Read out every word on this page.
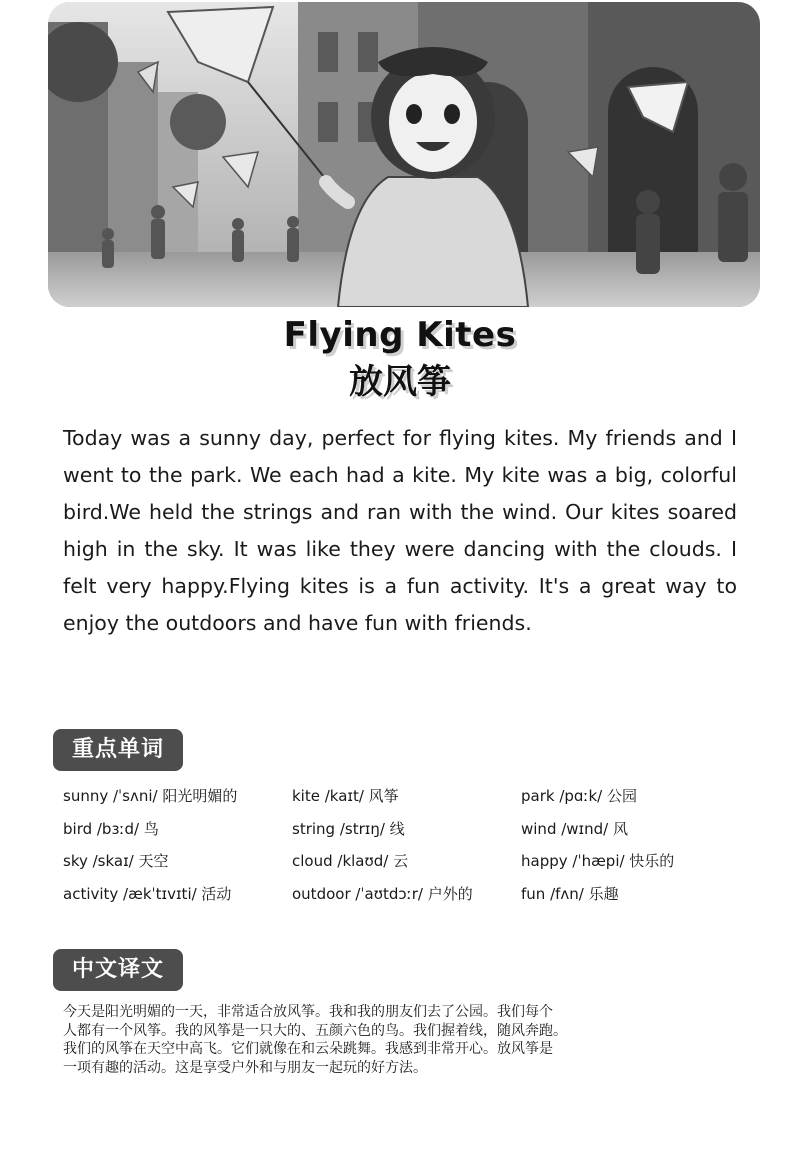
Flying Kites
放风筝

Today was a sunny day, perfect for flying kites. My friends and I went to the park. We each had a kite. My kite was a big, colorful bird.We held the strings and ran with the wind. Our kites soared high in the sky. It was like they were dancing with the clouds. I felt very happy.Flying kites is a fun activity. It's a great way to enjoy the outdoors and have fun with friends.

重点单词
sunny /ˈsʌni/ 阳光明媚的	kite /kaɪt/ 风筝	park /pɑːk/ 公园
bird /bɜːd/ 鸟	string /strɪŋ/ 线	wind /wɪnd/ 风
sky /skaɪ/ 天空	cloud /klaʊd/ 云	happy /ˈhæpi/ 快乐的
activity /ækˈtɪvɪti/ 活动	outdoor /ˈaʊtdɔːr/ 户外的	fun /fʌn/ 乐趣
中文译文
今天是阳光明媚的一天，非常适合放风筝。我和我的朋友们去了公园。我们每个
人都有一个风筝。我的风筝是一只大的、五颜六色的鸟。我们握着线，随风奔跑。
我们的风筝在天空中高飞。它们就像在和云朵跳舞。我感到非常开心。放风筝是
一项有趣的活动。这是享受户外和与朋友一起玩的好方法。
